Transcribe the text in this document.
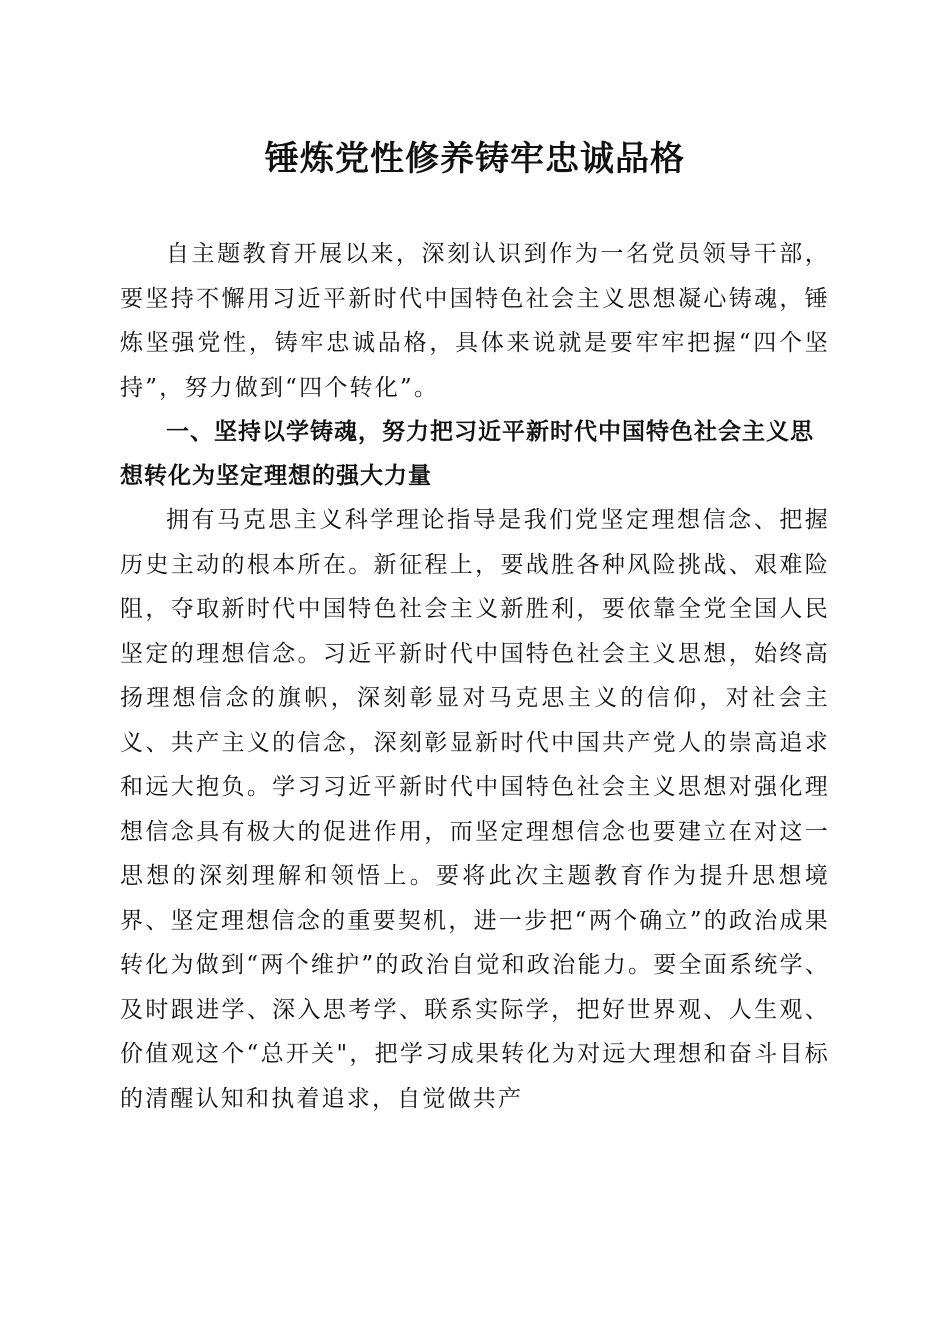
锤炼党性修养铸牢忠诚品格

自主题教育开展以来，深刻认识到作为一名党员领导干部，要坚持不懈用习近平新时代中国特色社会主义思想凝心铸魂，锤炼坚强党性，铸牢忠诚品格，具体来说就是要牢牢把握“四个坚持”，努力做到“四个转化”。

一、坚持以学铸魂，努力把习近平新时代中国特色社会主义思想转化为坚定理想的强大力量

拥有马克思主义科学理论指导是我们党坚定理想信念、把握历史主动的根本所在。新征程上，要战胜各种风险挑战、艰难险阻，夺取新时代中国特色社会主义新胜利，要依靠全党全国人民坚定的理想信念。习近平新时代中国特色社会主义思想，始终高扬理想信念的旗帜，深刻彰显对马克思主义的信仰，对社会主义、共产主义的信念，深刻彰显新时代中国共产党人的崇高追求和远大抱负。学习习近平新时代中国特色社会主义思想对强化理想信念具有极大的促进作用，而坚定理想信念也要建立在对这一思想的深刻理解和领悟上。要将此次主题教育作为提升思想境界、坚定理想信念的重要契机，进一步把“两个确立”的政治成果转化为做到“两个维护”的政治自觉和政治能力。要全面系统学、及时跟进学、深入思考学、联系实际学，把好世界观、人生观、价值观这个“总开关"，把学习成果转化为对远大理想和奋斗目标的清醒认知和执着追求，自觉做共产
